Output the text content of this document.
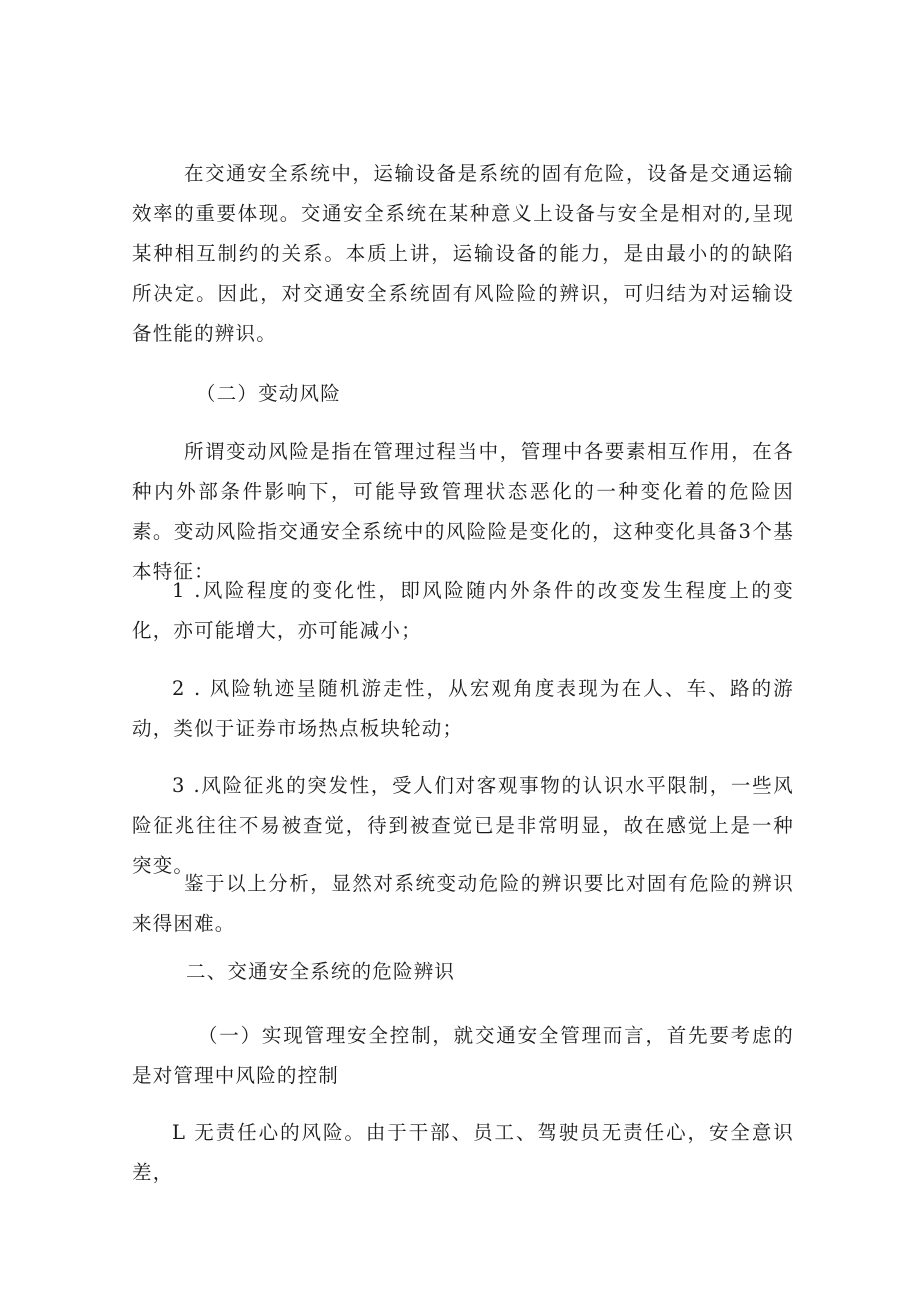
在交通安全系统中，运输设备是系统的固有危险，设备是交通运输效率的重要体现。交通安全系统在某种意义上设备与安全是相对的,呈现某种相互制约的关系。本质上讲，运输设备的能力，是由最小的的缺陷所决定。因此，对交通安全系统固有风险险的辨识，可归结为对运输设备性能的辨识。

（二）变动风险

所谓变动风险是指在管理过程当中，管理中各要素相互作用，在各种内外部条件影响下，可能导致管理状态恶化的一种变化着的危险因素。变动风险指交通安全系统中的风险险是变化的，这种变化具备3个基本特征：

1 .风险程度的变化性，即风险随内外条件的改变发生程度上的变化，亦可能增大，亦可能减小；

2 . 风险轨迹呈随机游走性，从宏观角度表现为在人、车、路的游动，类似于证券市场热点板块轮动；

3 .风险征兆的突发性，受人们对客观事物的认识水平限制，一些风险征兆往往不易被查觉，待到被查觉已是非常明显，故在感觉上是一种突变。

鉴于以上分析，显然对系统变动危险的辨识要比对固有危险的辨识来得困难。

二、交通安全系统的危险辨识

（一）实现管理安全控制，就交通安全管理而言，首先要考虑的是对管理中风险的控制

L 无责任心的风险。由于干部、员工、驾驶员无责任心，安全意识差，
